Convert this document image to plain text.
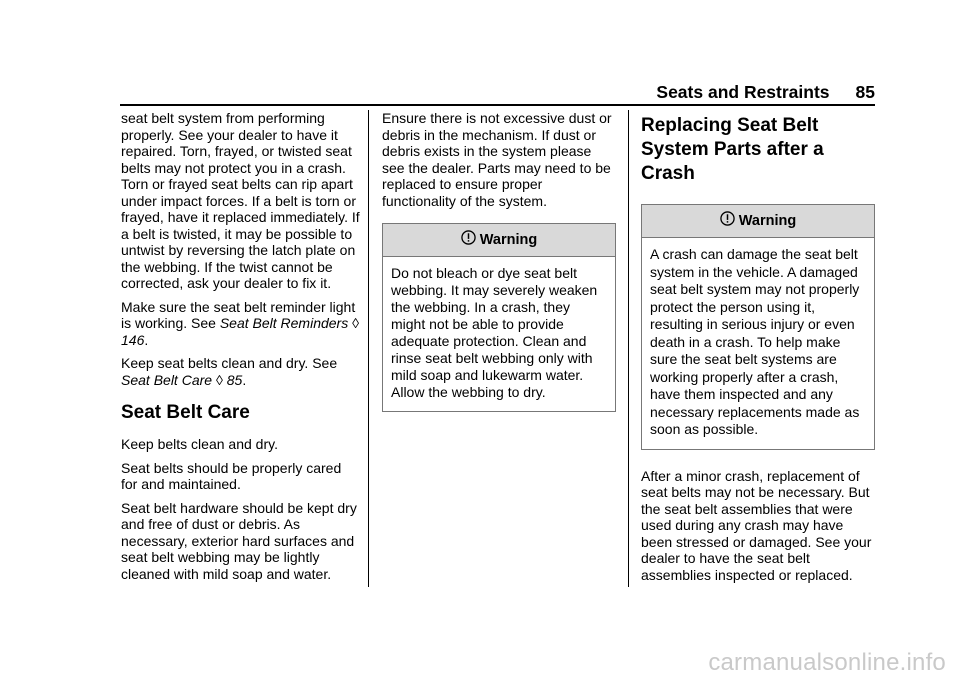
Seats and Restraints 85

seat belt system from performing properly. See your dealer to have it repaired. Torn, frayed, or twisted seat belts may not protect you in a crash. Torn or frayed seat belts can rip apart under impact forces. If a belt is torn or frayed, have it replaced immediately. If a belt is twisted, it may be possible to untwist by reversing the latch plate on the webbing. If the twist cannot be corrected, ask your dealer to fix it.

Make sure the seat belt reminder light is working. See Seat Belt Reminders ◊ 146.

Keep seat belts clean and dry. See Seat Belt Care ◊ 85.

Seat Belt Care

Keep belts clean and dry.

Seat belts should be properly cared for and maintained.

Seat belt hardware should be kept dry and free of dust or debris. As necessary, exterior hard surfaces and seat belt webbing may be lightly cleaned with mild soap and water.

Ensure there is not excessive dust or debris in the mechanism. If dust or debris exists in the system please see the dealer. Parts may need to be replaced to ensure proper functionality of the system.

Warning
Do not bleach or dye seat belt webbing. It may severely weaken the webbing. In a crash, they might not be able to provide adequate protection. Clean and rinse seat belt webbing only with mild soap and lukewarm water. Allow the webbing to dry.
Replacing Seat Belt System Parts after a Crash
Warning
A crash can damage the seat belt system in the vehicle. A damaged seat belt system may not properly protect the person using it, resulting in serious injury or even death in a crash. To help make sure the seat belt systems are working properly after a crash, have them inspected and any necessary replacements made as soon as possible.

After a minor crash, replacement of seat belts may not be necessary. But the seat belt assemblies that were used during any crash may have been stressed or damaged. See your dealer to have the seat belt assemblies inspected or replaced.

carmanualsonline.info
